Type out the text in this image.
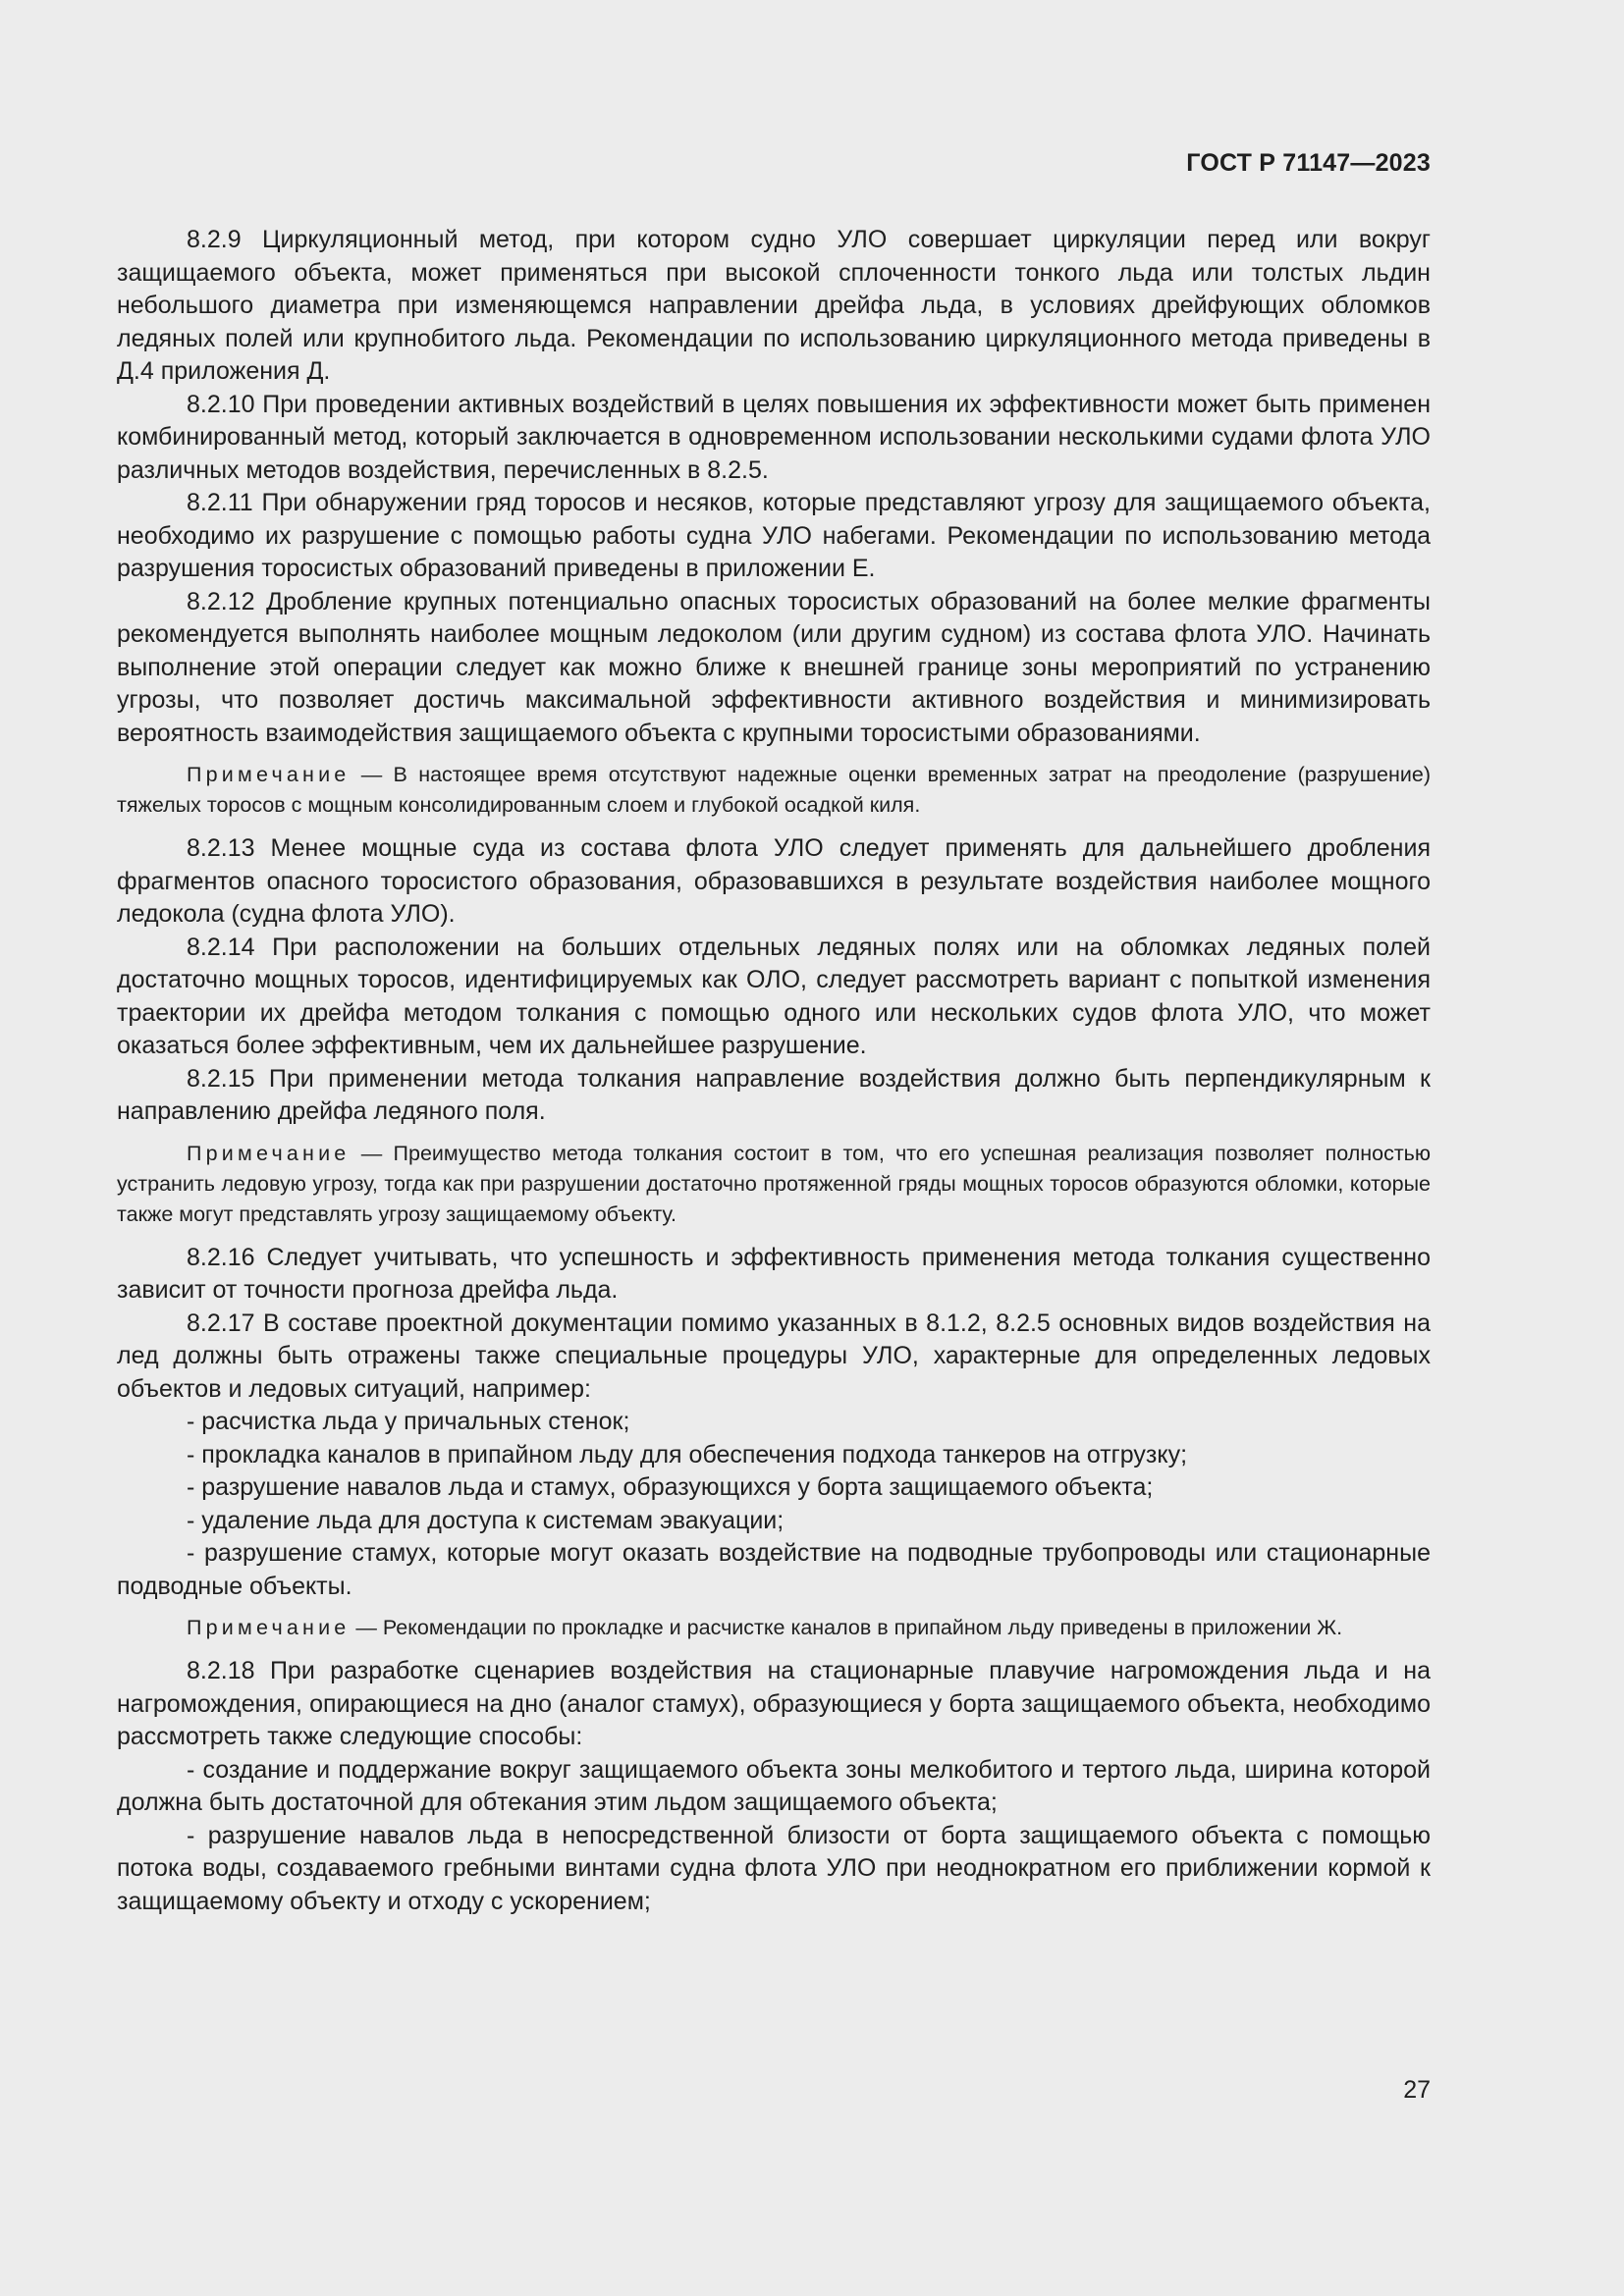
ГОСТ Р 71147—2023

8.2.9 Циркуляционный метод, при котором судно УЛО совершает циркуляции перед или вокруг защищаемого объекта, может применяться при высокой сплоченности тонкого льда или толстых льдин небольшого диаметра при изменяющемся направлении дрейфа льда, в условиях дрейфующих обломков ледяных полей или крупнобитого льда. Рекомендации по использованию циркуляционного метода приведены в Д.4 приложения Д.

8.2.10 При проведении активных воздействий в целях повышения их эффективности может быть применен комбинированный метод, который заключается в одновременном использовании несколькими судами флота УЛО различных методов воздействия, перечисленных в 8.2.5.

8.2.11 При обнаружении гряд торосов и несяков, которые представляют угрозу для защищаемого объекта, необходимо их разрушение с помощью работы судна УЛО набегами. Рекомендации по использованию метода разрушения торосистых образований приведены в приложении Е.

8.2.12 Дробление крупных потенциально опасных торосистых образований на более мелкие фрагменты рекомендуется выполнять наиболее мощным ледоколом (или другим судном) из состава флота УЛО. Начинать выполнение этой операции следует как можно ближе к внешней границе зоны мероприятий по устранению угрозы, что позволяет достичь максимальной эффективности активного воздействия и минимизировать вероятность взаимодействия защищаемого объекта с крупными торосистыми образованиями.

Примечание — В настоящее время отсутствуют надежные оценки временных затрат на преодоление (разрушение) тяжелых торосов с мощным консолидированным слоем и глубокой осадкой киля.

8.2.13 Менее мощные суда из состава флота УЛО следует применять для дальнейшего дробления фрагментов опасного торосистого образования, образовавшихся в результате воздействия наиболее мощного ледокола (судна флота УЛО).

8.2.14 При расположении на больших отдельных ледяных полях или на обломках ледяных полей достаточно мощных торосов, идентифицируемых как ОЛО, следует рассмотреть вариант с попыткой изменения траектории их дрейфа методом толкания с помощью одного или нескольких судов флота УЛО, что может оказаться более эффективным, чем их дальнейшее разрушение.

8.2.15 При применении метода толкания направление воздействия должно быть перпендикулярным к направлению дрейфа ледяного поля.

Примечание — Преимущество метода толкания состоит в том, что его успешная реализация позволяет полностью устранить ледовую угрозу, тогда как при разрушении достаточно протяженной гряды мощных торосов образуются обломки, которые также могут представлять угрозу защищаемому объекту.

8.2.16 Следует учитывать, что успешность и эффективность применения метода толкания существенно зависит от точности прогноза дрейфа льда.

8.2.17 В составе проектной документации помимо указанных в 8.1.2, 8.2.5 основных видов воздействия на лед должны быть отражены также специальные процедуры УЛО, характерные для определенных ледовых объектов и ледовых ситуаций, например:

- расчистка льда у причальных стенок;

- прокладка каналов в припайном льду для обеспечения подхода танкеров на отгрузку;

- разрушение навалов льда и стамух, образующихся у борта защищаемого объекта;

- удаление льда для доступа к системам эвакуации;

- разрушение стамух, которые могут оказать воздействие на подводные трубопроводы или стационарные подводные объекты.

Примечание — Рекомендации по прокладке и расчистке каналов в припайном льду приведены в приложении Ж.

8.2.18 При разработке сценариев воздействия на стационарные плавучие нагромождения льда и на нагромождения, опирающиеся на дно (аналог стамух), образующиеся у борта защищаемого объекта, необходимо рассмотреть также следующие способы:

- создание и поддержание вокруг защищаемого объекта зоны мелкобитого и тертого льда, ширина которой должна быть достаточной для обтекания этим льдом защищаемого объекта;

- разрушение навалов льда в непосредственной близости от борта защищаемого объекта с помощью потока воды, создаваемого гребными винтами судна флота УЛО при неоднократном его приближении кормой к защищаемому объекту и отходу с ускорением;

27
